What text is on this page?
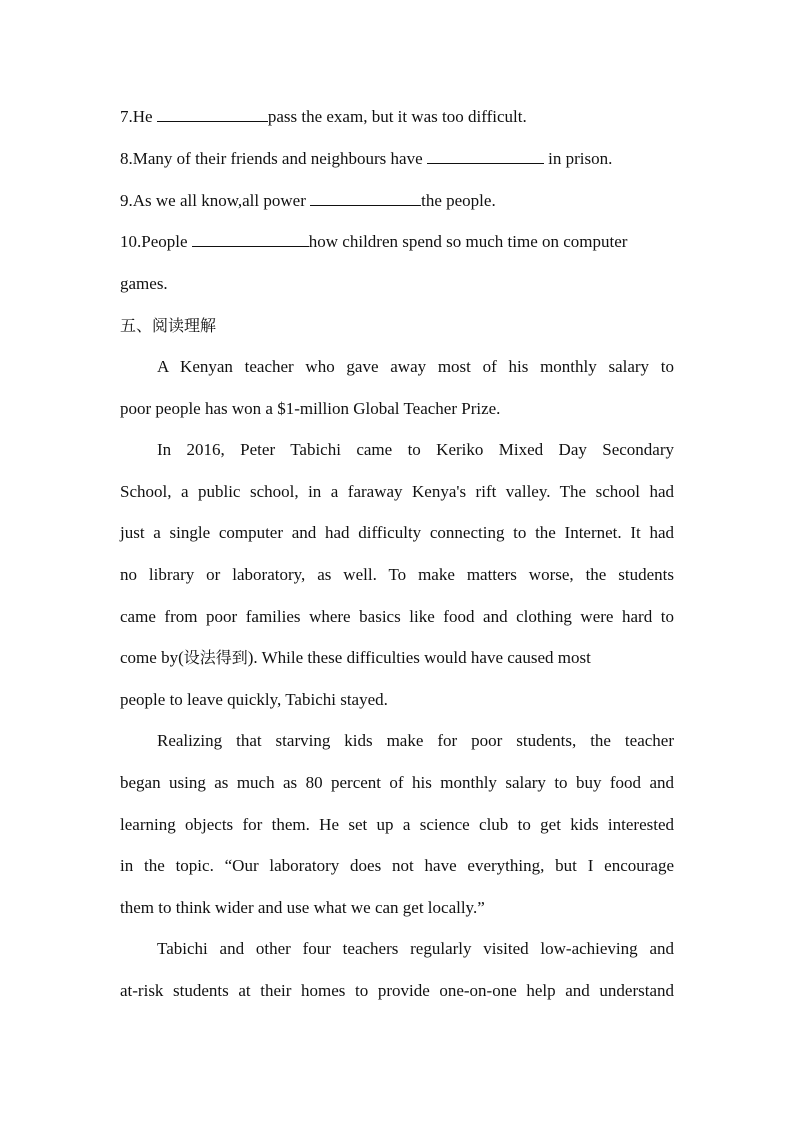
7.He	pass the exam, but it was too difficult.
8.Many of their friends and neighbours have	in prison.
9.As we all know,all power	the people.
10.People	how children spend so much time on computer
games.
五、阅读理解
A Kenyan teacher who gave away most of his monthly salary to
poor people has won a $1-million Global Teacher Prize.
In 2016, Peter Tabichi came to Keriko Mixed Day Secondary
School, a public school, in a faraway Kenya's rift valley. The school had
just a single computer and had difficulty connecting to the Internet. It had
no library or laboratory, as well. To make matters worse, the students
came from poor families where basics like food and clothing were hard to
come by(设法得到). While these difficulties would have caused most
people to leave quickly, Tabichi stayed.
Realizing that starving kids make for poor students, the teacher
began using as much as 80 percent of his monthly salary to buy food and
learning objects for them. He set up a science club to get kids interested
in the topic. “Our laboratory does not have everything, but I encourage
them to think wider and use what we can get locally.”
Tabichi and other four teachers regularly visited low-achieving and
at-risk students at their homes to provide one-on-one help and understand
